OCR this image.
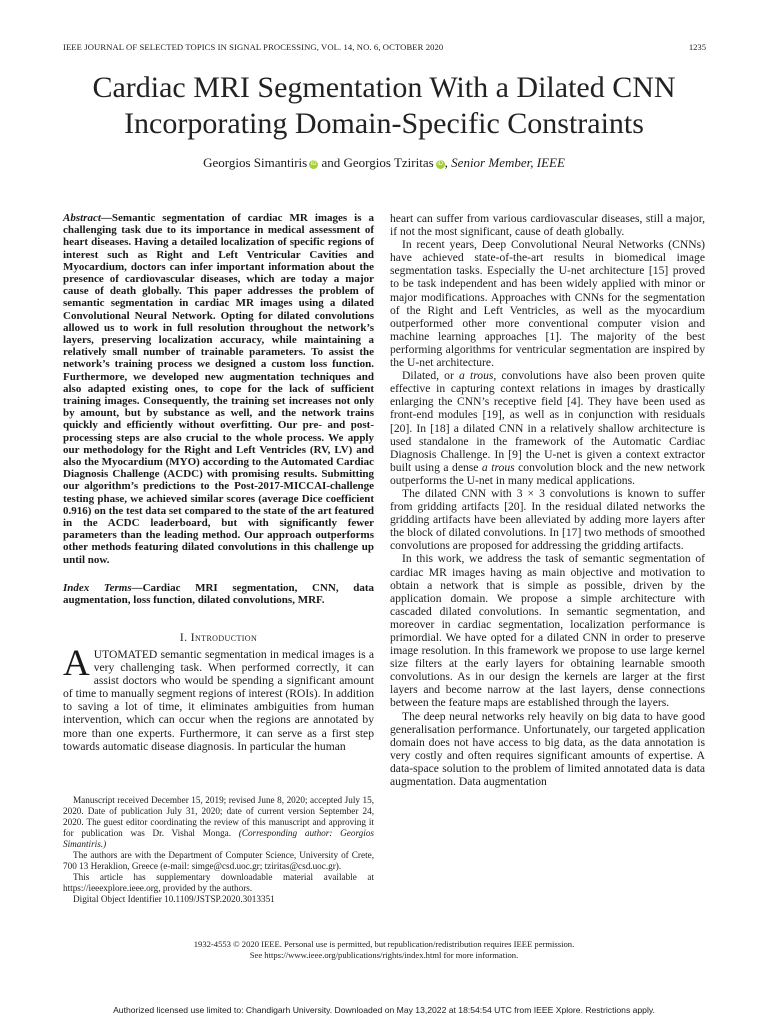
IEEE JOURNAL OF SELECTED TOPICS IN SIGNAL PROCESSING, VOL. 14, NO. 6, OCTOBER 2020	1235
Cardiac MRI Segmentation With a Dilated CNN
Incorporating Domain-Specific Constraints
Georgios Simantiris iD and Georgios Tziritas iD , Senior Member, IEEE
Abstract—Semantic segmentation of cardiac MR images is a challenging task due to its importance in medical assessment of heart diseases. Having a detailed localization of specific regions of interest such as Right and Left Ventricular Cavities and Myocardium, doctors can infer important information about the presence of cardiovascular diseases, which are today a major cause of death globally. This paper addresses the problem of semantic segmentation in cardiac MR images using a dilated Convolutional Neural Network. Opting for dilated convolutions allowed us to work in full resolution throughout the network’s layers, preserving localization accuracy, while maintaining a relatively small number of trainable parameters. To assist the network’s training process we designed a custom loss function. Furthermore, we developed new augmentation techniques and also adapted existing ones, to cope for the lack of sufficient training images. Consequently, the training set increases not only by amount, but by substance as well, and the network trains quickly and efficiently without overfitting. Our pre- and post-processing steps are also crucial to the whole process. We apply our methodology for the Right and Left Ventricles (RV, LV) and also the Myocardium (MYO) according to the Automated Cardiac Diagnosis Challenge (ACDC) with promising results. Submitting our algorithm’s predictions to the Post-2017-MICCAI-challenge testing phase, we achieved similar scores (average Dice coefficient 0.916) on the test data set compared to the state of the art featured in the ACDC leaderboard, but with significantly fewer parameters than the leading method. Our approach outperforms other methods featuring dilated convolutions in this challenge up until now.
Index Terms—Cardiac MRI segmentation, CNN, data augmentation, loss function, dilated convolutions, MRF.
I. Introduction
AUTOMATED semantic segmentation in medical images is a very challenging task. When performed correctly, it can assist doctors who would be spending a significant amount of time to manually segment regions of interest (ROIs). In addition to saving a lot of time, it eliminates ambiguities from human intervention, which can occur when the regions are annotated by more than one experts. Furthermore, it can serve as a first step towards automatic disease diagnosis. In particular the human

Manuscript received December 15, 2019; revised June 8, 2020; accepted July 15, 2020. Date of publication July 31, 2020; date of current version September 24, 2020. The guest editor coordinating the review of this manuscript and approving it for publication was Dr. Vishal Monga. (Corresponding author: Georgios Simantiris.)

The authors are with the Department of Computer Science, University of Crete, 700 13 Heraklion, Greece (e-mail: simge@csd.uoc.gr; tziritas@csd.uoc.gr).

This article has supplementary downloadable material available at https://ieeexplore.ieee.org, provided by the authors.

Digital Object Identifier 10.1109/JSTSP.2020.3013351

heart can suffer from various cardiovascular diseases, still a major, if not the most significant, cause of death globally.

In recent years, Deep Convolutional Neural Networks (CNNs) have achieved state-of-the-art results in biomedical image segmentation tasks. Especially the U-net architecture [15] proved to be task independent and has been widely applied with minor or major modifications. Approaches with CNNs for the segmentation of the Right and Left Ventricles, as well as the myocardium outperformed other more conventional computer vision and machine learning approaches [1]. The majority of the best performing algorithms for ventricular segmentation are inspired by the U-net architecture.

Dilated, or a trous, convolutions have also been proven quite effective in capturing context relations in images by drastically enlarging the CNN’s receptive field [4]. They have been used as front-end modules [19], as well as in conjunction with residuals [20]. In [18] a dilated CNN in a relatively shallow architecture is used standalone in the framework of the Automatic Cardiac Diagnosis Challenge. In [9] the U-net is given a context extractor built using a dense a trous convolution block and the new network outperforms the U-net in many medical applications.

The dilated CNN with 3 × 3 convolutions is known to suffer from gridding artifacts [20]. In the residual dilated networks the gridding artifacts have been alleviated by adding more layers after the block of dilated convolutions. In [17] two methods of smoothed convolutions are proposed for addressing the gridding artifacts.

In this work, we address the task of semantic segmentation of cardiac MR images having as main objective and motivation to obtain a network that is simple as possible, driven by the application domain. We propose a simple architecture with cascaded dilated convolutions. In semantic segmentation, and moreover in cardiac segmentation, localization performance is primordial. We have opted for a dilated CNN in order to preserve image resolution. In this framework we propose to use large kernel size filters at the early layers for obtaining learnable smooth convolutions. As in our design the kernels are larger at the first layers and become narrow at the last layers, dense connections between the feature maps are established through the layers.

The deep neural networks rely heavily on big data to have good generalisation performance. Unfortunately, our targeted application domain does not have access to big data, as the data annotation is very costly and often requires significant amounts of expertise. A data-space solution to the problem of limited annotated data is data augmentation. Data augmentation

1932-4553 © 2020 IEEE. Personal use is permitted, but republication/redistribution requires IEEE permission.
See https://www.ieee.org/publications/rights/index.html for more information.
Authorized licensed use limited to: Chandigarh University. Downloaded on May 13,2022 at 18:54:54 UTC from IEEE Xplore. Restrictions apply.
